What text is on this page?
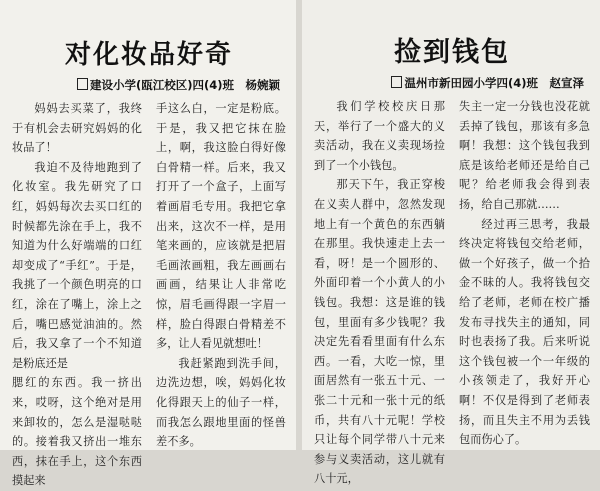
对化妆品好奇
建设小学(瓯江校区)四(4)班　杨婉颖

妈妈去买菜了，我终于有机会去研究妈妈的化妆品了！

我迫不及待地跑到了化妆室。我先研究了口红，妈妈每次去买口红的时候都先涂在手上，我不知道为什么好端端的口红却变成了“手红”。于是，我挑了一个颜色明亮的口红，涂在了嘴上，涂上之后，嘴巴感觉油油的。然后，我又拿了一个不知道是粉底还是

腮红的东西。我一挤出来，哎呀，这个绝对是用来卸妆的，怎么是湿哒哒的。接着我又挤出一堆东西，抹在手上，这个东西摸起来

手这么白，一定是粉底。于是，我又把它抹在脸上，啊，我这脸白得好像白骨精一样。后来，我又打开了一个盒子，上面写着画眉毛专用。我把它拿出来，这次不一样，是用笔来画的，应该就是把眉毛画浓画粗，我左画画右画画，结果让人非常吃惊，眉毛画得跟一字眉一样，脸白得跟白骨精差不多，让人看见就想吐！

我赶紧跑到洗手间，边洗边想，唉，妈妈化妆化得跟天上的仙子一样，而我怎么跟地里面的怪兽差不多。

捡到钱包
温州市新田园小学四(4)班　赵宣泽

我们学校校庆日那天，举行了一个盛大的义卖活动，我在义卖现场捡到了一个小钱包。

那天下午，我正穿梭在义卖人群中，忽然发现地上有一个黄色的东西躺在那里。我快速走上去一看，呀！是一个圆形的、外面印着一个小黄人的小钱包。我想：这是谁的钱包，里面有多少钱呢？我决定先看看里面有什么东西。一看，大吃一惊，里面居然有一张五十元、一张二十元和一张十元的纸币，共有八十元呢！学校只让每个同学带八十元来参与义卖活动，这儿就有八十元，

失主一定一分钱也没花就丢掉了钱包，那该有多急啊！我想：这个钱包我到底是该给老师还是给自己呢？给老师我会得到表扬，给自己那就……

经过再三思考，我最终决定将钱包交给老师，做一个好孩子，做一个拾金不昧的人。我将钱包交给了老师，老师在校广播发布寻找失主的通知，同时也表扬了我。后来听说这个钱包被一个一年级的小孩领走了，我好开心啊！不仅是得到了老师表扬，而且失主不用为丢钱包而伤心了。
